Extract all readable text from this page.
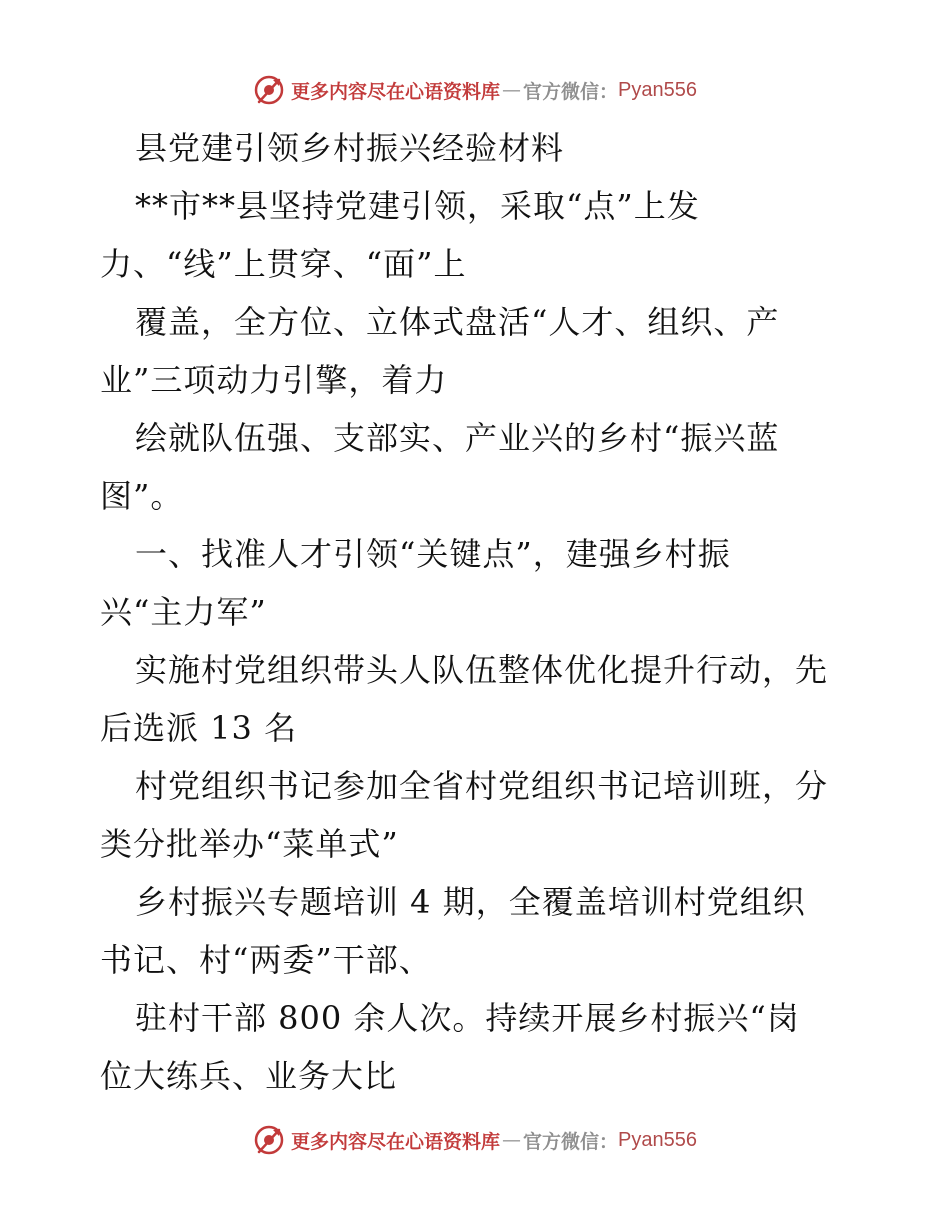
更多内容尽在心语资料库 — 官方微信： Pyan556
县党建引领乡村振兴经验材料
**市**县坚持党建引领，采取“点”上发
力、“线”上贯穿、“面”上
覆盖，全方位、立体式盘活“人才、组织、产
业”三项动力引擎，着力
绘就队伍强、支部实、产业兴的乡村“振兴蓝
图”。
一、找准人才引领“关键点”，建强乡村振
兴“主力军”
实施村党组织带头人队伍整体优化提升行动，先
后选派 13 名
村党组织书记参加全省村党组织书记培训班，分
类分批举办“菜单式”
乡村振兴专题培训 4 期，全覆盖培训村党组织
书记、村“两委”干部、
驻村干部 800 余人次。持续开展乡村振兴“岗
位大练兵、业务大比
更多内容尽在心语资料库 — 官方微信： Pyan556
